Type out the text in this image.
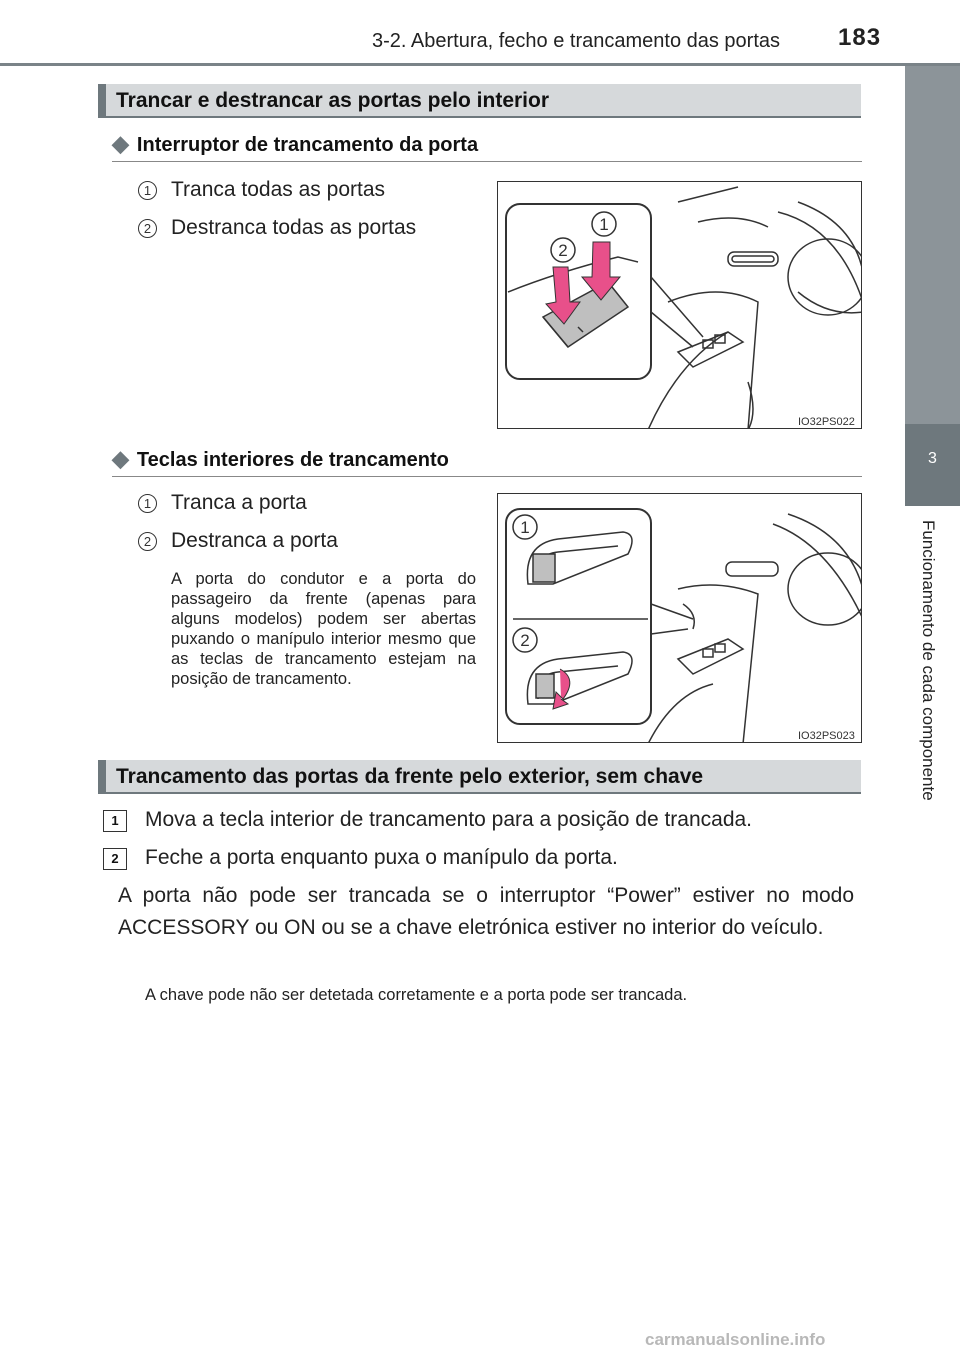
3-2. Abertura, fecho e trancamento das portas 183
3
Funcionamento de cada componente
Trancar e destrancar as portas pelo interior
◆ Interruptor de trancamento da porta
1 Tranca todas as portas
2 Destranca todas as portas	1
2
IO32PS022
◆ Teclas interiores de trancamento
1 Tranca a porta
2 Destranca a porta
A porta do condutor e a porta do passageiro da frente (apenas para alguns modelos) podem ser abertas puxando o manípulo interior mesmo que as teclas de trancamento estejam na posição de trancamento.
1
2
IO32PS023
Trancamento das portas da frente pelo exterior, sem chave
1	Mova a tecla interior de trancamento para a posição de trancada.
2	Feche a porta enquanto puxa o manípulo da porta.
A porta não pode ser trancada se o interruptor “Power” estiver no modo ACCESSORY ou ON ou se a chave eletrónica estiver no interior do veículo.
A chave pode não ser detetada corretamente e a porta pode ser trancada.
carmanualsonline.info
